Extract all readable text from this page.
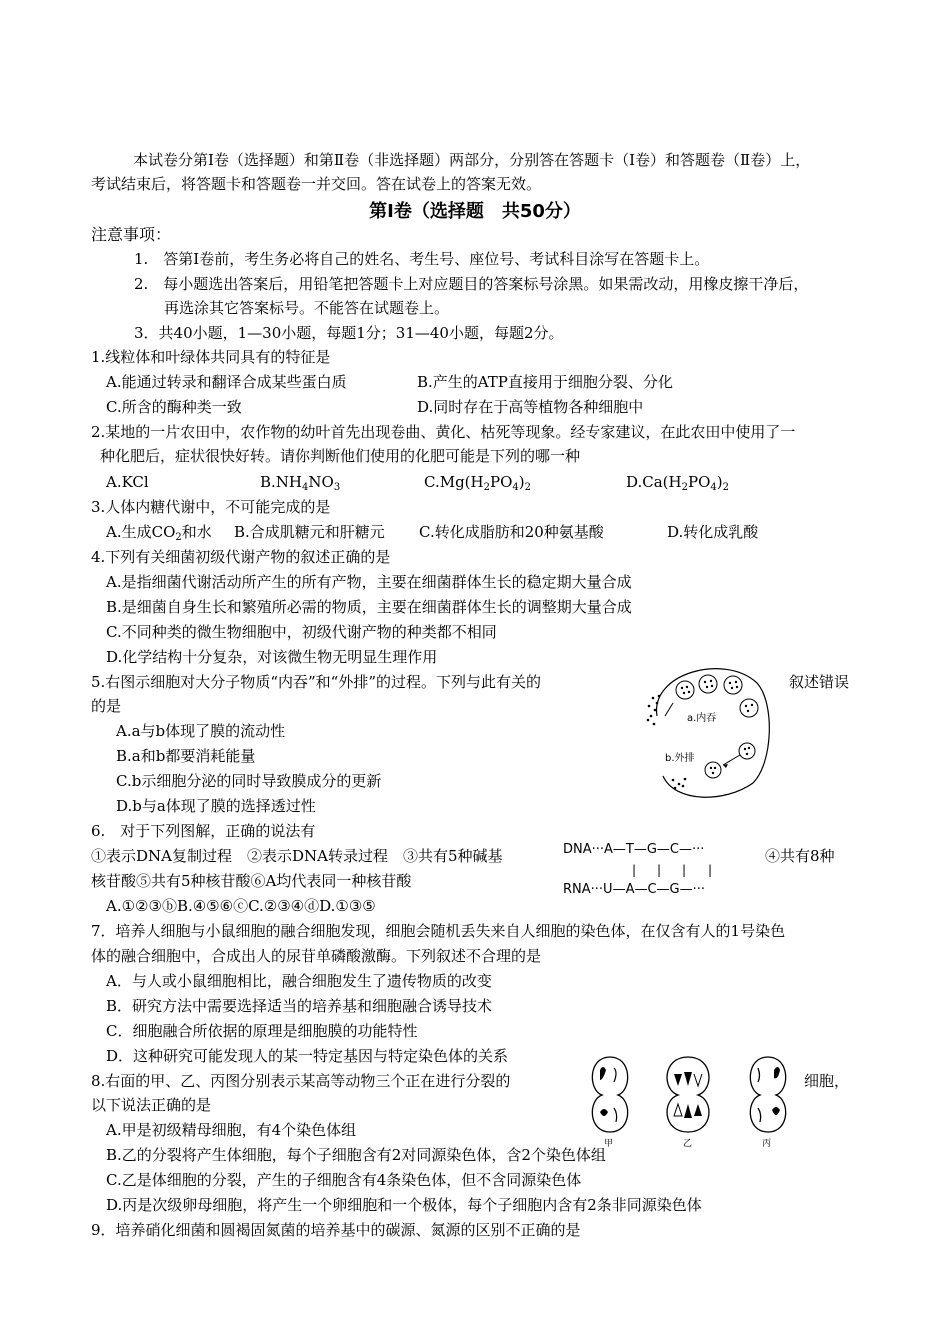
本试卷分第Ⅰ卷（选择题）和第Ⅱ卷（非选择题）两部分，分别答在答题卡（Ⅰ卷）和答题卷（Ⅱ卷）上，
考试结束后，将答题卡和答题卷一并交回。答在试卷上的答案无效。
第Ⅰ卷（选择题　共50分）
注意事项：
1.　答第Ⅰ卷前，考生务必将自己的姓名、考生号、座位号、考试科目涂写在答题卡上。
2.　每小题选出答案后，用铅笔把答题卡上对应题目的答案标号涂黑。如果需改动，用橡皮擦干净后，
再选涂其它答案标号。不能答在试题卷上。
3．共40小题，1—30小题，每题1分；31—40小题，每题2分。
1.线粒体和叶绿体共同具有的特征是
A.能通过转录和翻译合成某些蛋白质	B.产生的ATP直接用于细胞分裂、分化
C.所含的酶种类一致	D.同时存在于高等植物各种细胞中
2.某地的一片农田中，农作物的幼叶首先出现卷曲、黄化、枯死等现象。经专家建议，在此农田中使用了一
种化肥后，症状很快好转。请你判断他们使用的化肥可能是下列的哪一种
A.KCl	$B.NH_4NO_3$	$C.Mg(H_2PO_4)_2$	$D.Ca(H_2PO_4)_2$
3.人体内糖代谢中，不可能完成的是
A.生成$CO_2$和水 B.合成肌糖元和肝糖元 C.转化成脂肪和20种氨基酸	D.转化成乳酸
4.下列有关细菌初级代谢产物的叙述正确的是
A.是指细菌代谢活动所产生的所有产物，主要在细菌群体生长的稳定期大量合成
B.是细菌自身生长和繁殖所必需的物质，主要在细菌群体生长的调整期大量合成
C.不同种类的微生物细胞中，初级代谢产物的种类都不相同
D.化学结构十分复杂，对该微生物无明显生理作用
5.右图示细胞对大分子物质“内吞”和“外排”的过程。下列与此有关的	叙述错误
的是
A.a与b体现了膜的流动性
B.a和b都要消耗能量
C.b示细胞分泌的同时导致膜成分的更新
D.b与a体现了膜的选择透过性
a.内吞
b.外排
6.　对于下列图解，正确的说法有
①表示DNA复制过程　②表示DNA转录过程　③共有5种碱基	④共有8种
核苷酸⑤共有5种核苷酸⑥A均代表同一种核苷酸
A.①②③ⓑB.④⑤⑥ⓒC.②③④ⓓD.①③⑤
DNA···A—T—G—C—···
| | | |
RNA···U—A—C—G—···
7．培养人细胞与小鼠细胞的融合细胞发现，细胞会随机丢失来自人细胞的染色体，在仅含有人的1号染色
体的融合细胞中，合成出人的尿苷单磷酸激酶。下列叙述不合理的是
A．与人或小鼠细胞相比，融合细胞发生了遗传物质的改变
B．研究方法中需要选择适当的培养基和细胞融合诱导技术
C．细胞融合所依据的原理是细胞膜的功能特性
D．这种研究可能发现人的某一特定基因与特定染色体的关系
8.右面的甲、乙、丙图分别表示某高等动物三个正在进行分裂的	细胞，
以下说法正确的是
A.甲是初级精母细胞，有4个染色体组
B.乙的分裂将产生体细胞，每个子细胞含有2对同源染色体，含2个染色体组
C.乙是体细胞的分裂，产生的子细胞含有4条染色体，但不含同源染色体
D.丙是次级卵母细胞，将产生一个卵细胞和一个极体，每个子细胞内含有2条非同源染色体
甲	乙	丙
9．培养硝化细菌和圆褐固氮菌的培养基中的碳源、氮源的区别不正确的是
